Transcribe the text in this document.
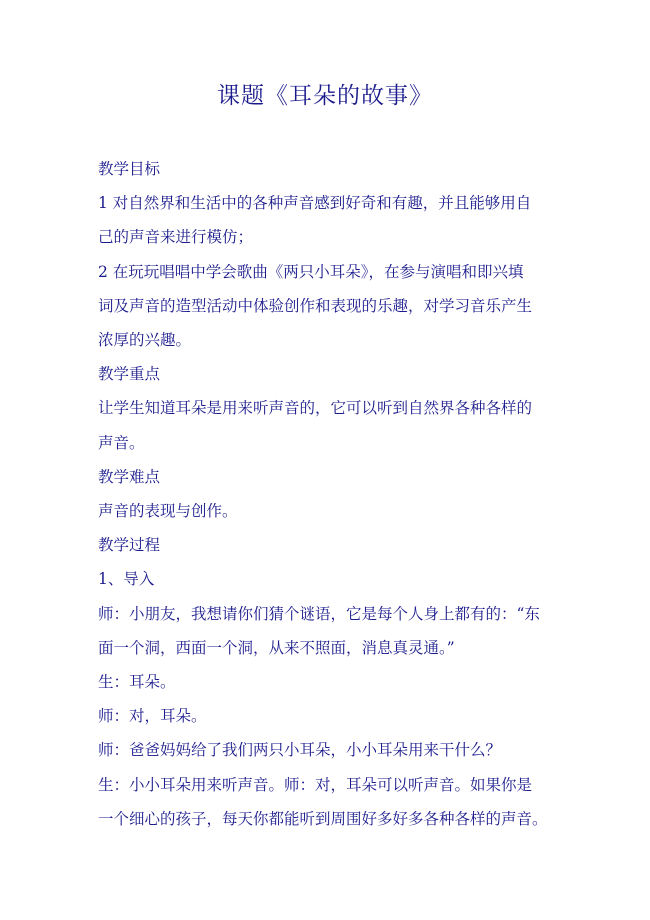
课题《耳朵的故事》

教学目标

1 对自然界和生活中的各种声音感到好奇和有趣，并且能够用自

己的声音来进行模仿；

2 在玩玩唱唱中学会歌曲《两只小耳朵》，在参与演唱和即兴填

词及声音的造型活动中体验创作和表现的乐趣，对学习音乐产生

浓厚的兴趣。

教学重点

让学生知道耳朵是用来听声音的，它可以听到自然界各种各样的

声音。

教学难点

声音的表现与创作。

教学过程

1、导入

师：小朋友，我想请你们猜个谜语，它是每个人身上都有的：“东

面一个洞，西面一个洞，从来不照面，消息真灵通。”

生：耳朵。

师：对，耳朵。

师：爸爸妈妈给了我们两只小耳朵，小小耳朵用来干什么？

生：小小耳朵用来听声音。师：对，耳朵可以听声音。如果你是

一个细心的孩子，每天你都能听到周围好多好多各种各样的声音。
